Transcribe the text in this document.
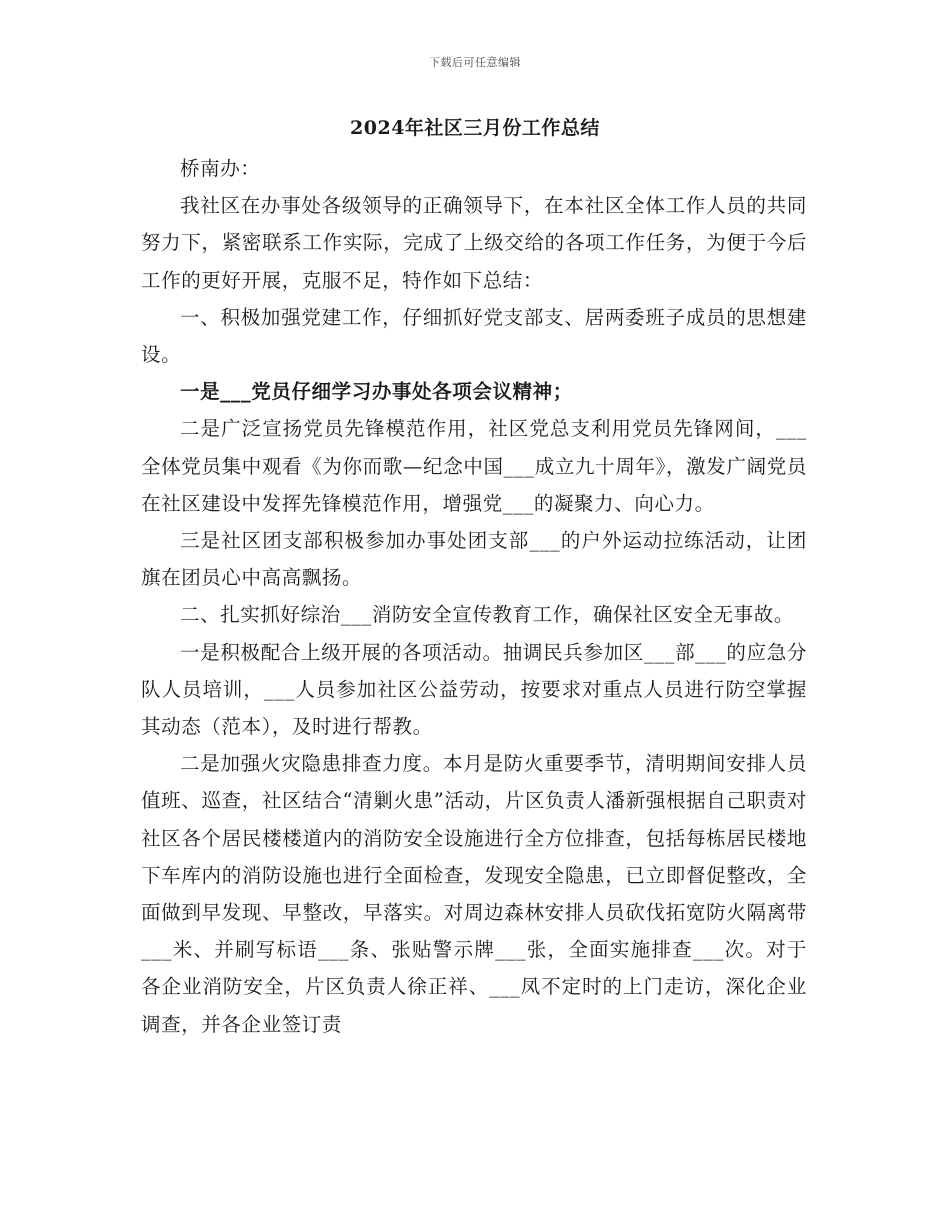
下载后可任意编辑
2024年社区三月份工作总结

桥南办：

我社区在办事处各级领导的正确领导下，在本社区全体工作人员的共同努力下，紧密联系工作实际，完成了上级交给的各项工作任务，为便于今后工作的更好开展，克服不足，特作如下总结：

一、积极加强党建工作，仔细抓好党支部支、居两委班子成员的思想建设。

一是___党员仔细学习办事处各项会议精神；

二是广泛宣扬党员先锋模范作用，社区党总支利用党员先锋网间，___全体党员集中观看《为你而歌—纪念中国___成立九十周年》，激发广阔党员在社区建设中发挥先锋模范作用，增强党___的凝聚力、向心力。

三是社区团支部积极参加办事处团支部___的户外运动拉练活动，让团旗在团员心中高高飘扬。

二、扎实抓好综治___消防安全宣传教育工作，确保社区安全无事故。

一是积极配合上级开展的各项活动。抽调民兵参加区___部___的应急分队人员培训，___人员参加社区公益劳动，按要求对重点人员进行防空掌握其动态（范本），及时进行帮教。

二是加强火灾隐患排查力度。本月是防火重要季节，清明期间安排人员值班、巡查，社区结合“清剿火患”活动，片区负责人潘新强根据自己职责对社区各个居民楼楼道内的消防安全设施进行全方位排查，包括每栋居民楼地下车库内的消防设施也进行全面检查，发现安全隐患，已立即督促整改，全面做到早发现、早整改，早落实。对周边森林安排人员砍伐拓宽防火隔离带___米、并刷写标语___条、张贴警示牌___张，全面实施排查___次。对于各企业消防安全，片区负责人徐正祥、___凤不定时的上门走访，深化企业调查，并各企业签订责
